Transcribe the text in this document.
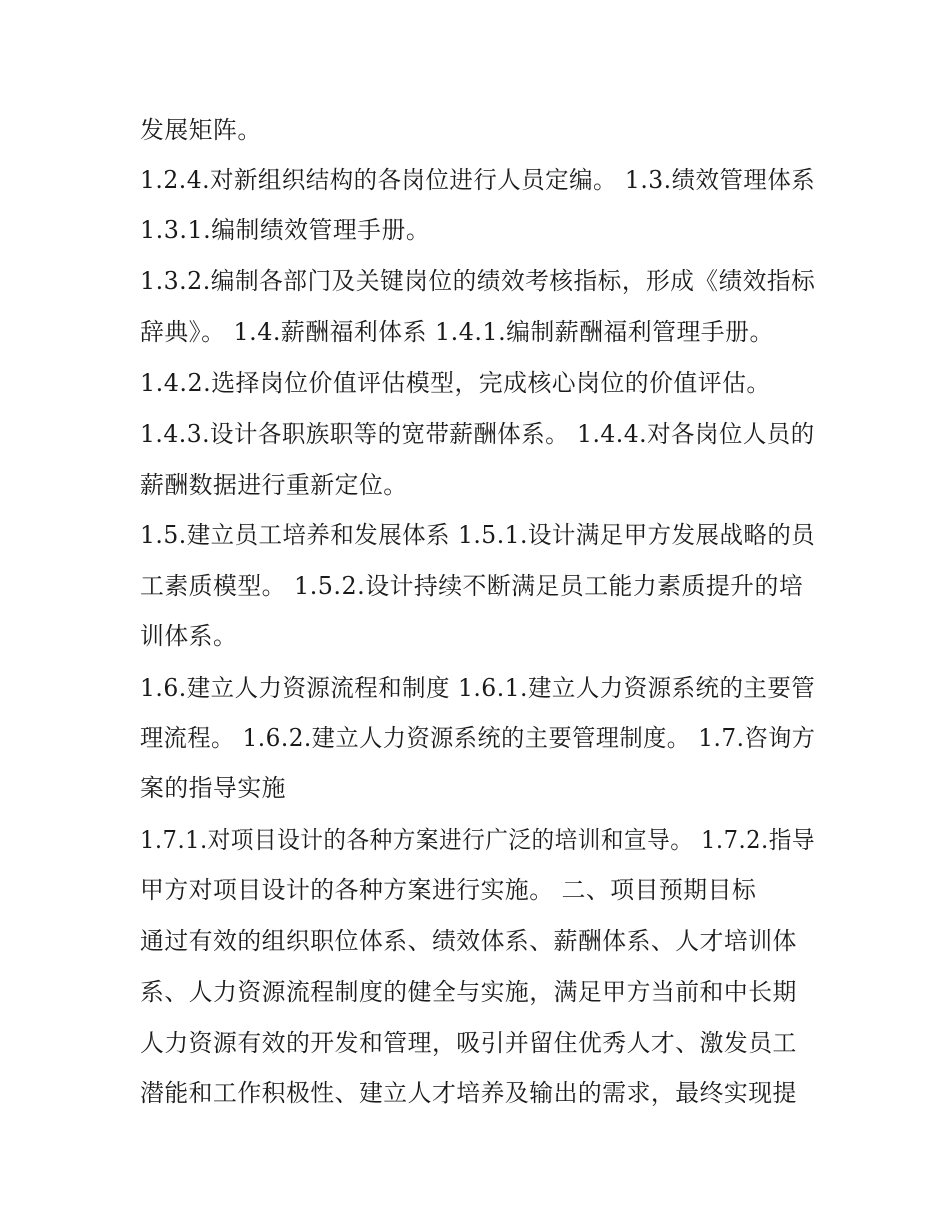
发展矩阵。
1.2.4.对新组织结构的各岗位进行人员定编。 1.3.绩效管理体系
1.3.1.编制绩效管理手册。
1.3.2.编制各部门及关键岗位的绩效考核指标，形成《绩效指标
辞典》。 1.4.薪酬福利体系 1.4.1.编制薪酬福利管理手册。
1.4.2.选择岗位价值评估模型，完成核心岗位的价值评估。
1.4.3.设计各职族职等的宽带薪酬体系。 1.4.4.对各岗位人员的
薪酬数据进行重新定位。
1.5.建立员工培养和发展体系 1.5.1.设计满足甲方发展战略的员
工素质模型。 1.5.2.设计持续不断满足员工能力素质提升的培
训体系。
1.6.建立人力资源流程和制度 1.6.1.建立人力资源系统的主要管
理流程。 1.6.2.建立人力资源系统的主要管理制度。 1.7.咨询方
案的指导实施
1.7.1.对项目设计的各种方案进行广泛的培训和宣导。 1.7.2.指导
甲方对项目设计的各种方案进行实施。 二、项目预期目标
通过有效的组织职位体系、绩效体系、薪酬体系、人才培训体
系、人力资源流程制度的健全与实施，满足甲方当前和中长期
人力资源有效的开发和管理，吸引并留住优秀人才、激发员工
潜能和工作积极性、建立人才培养及输出的需求，最终实现提
